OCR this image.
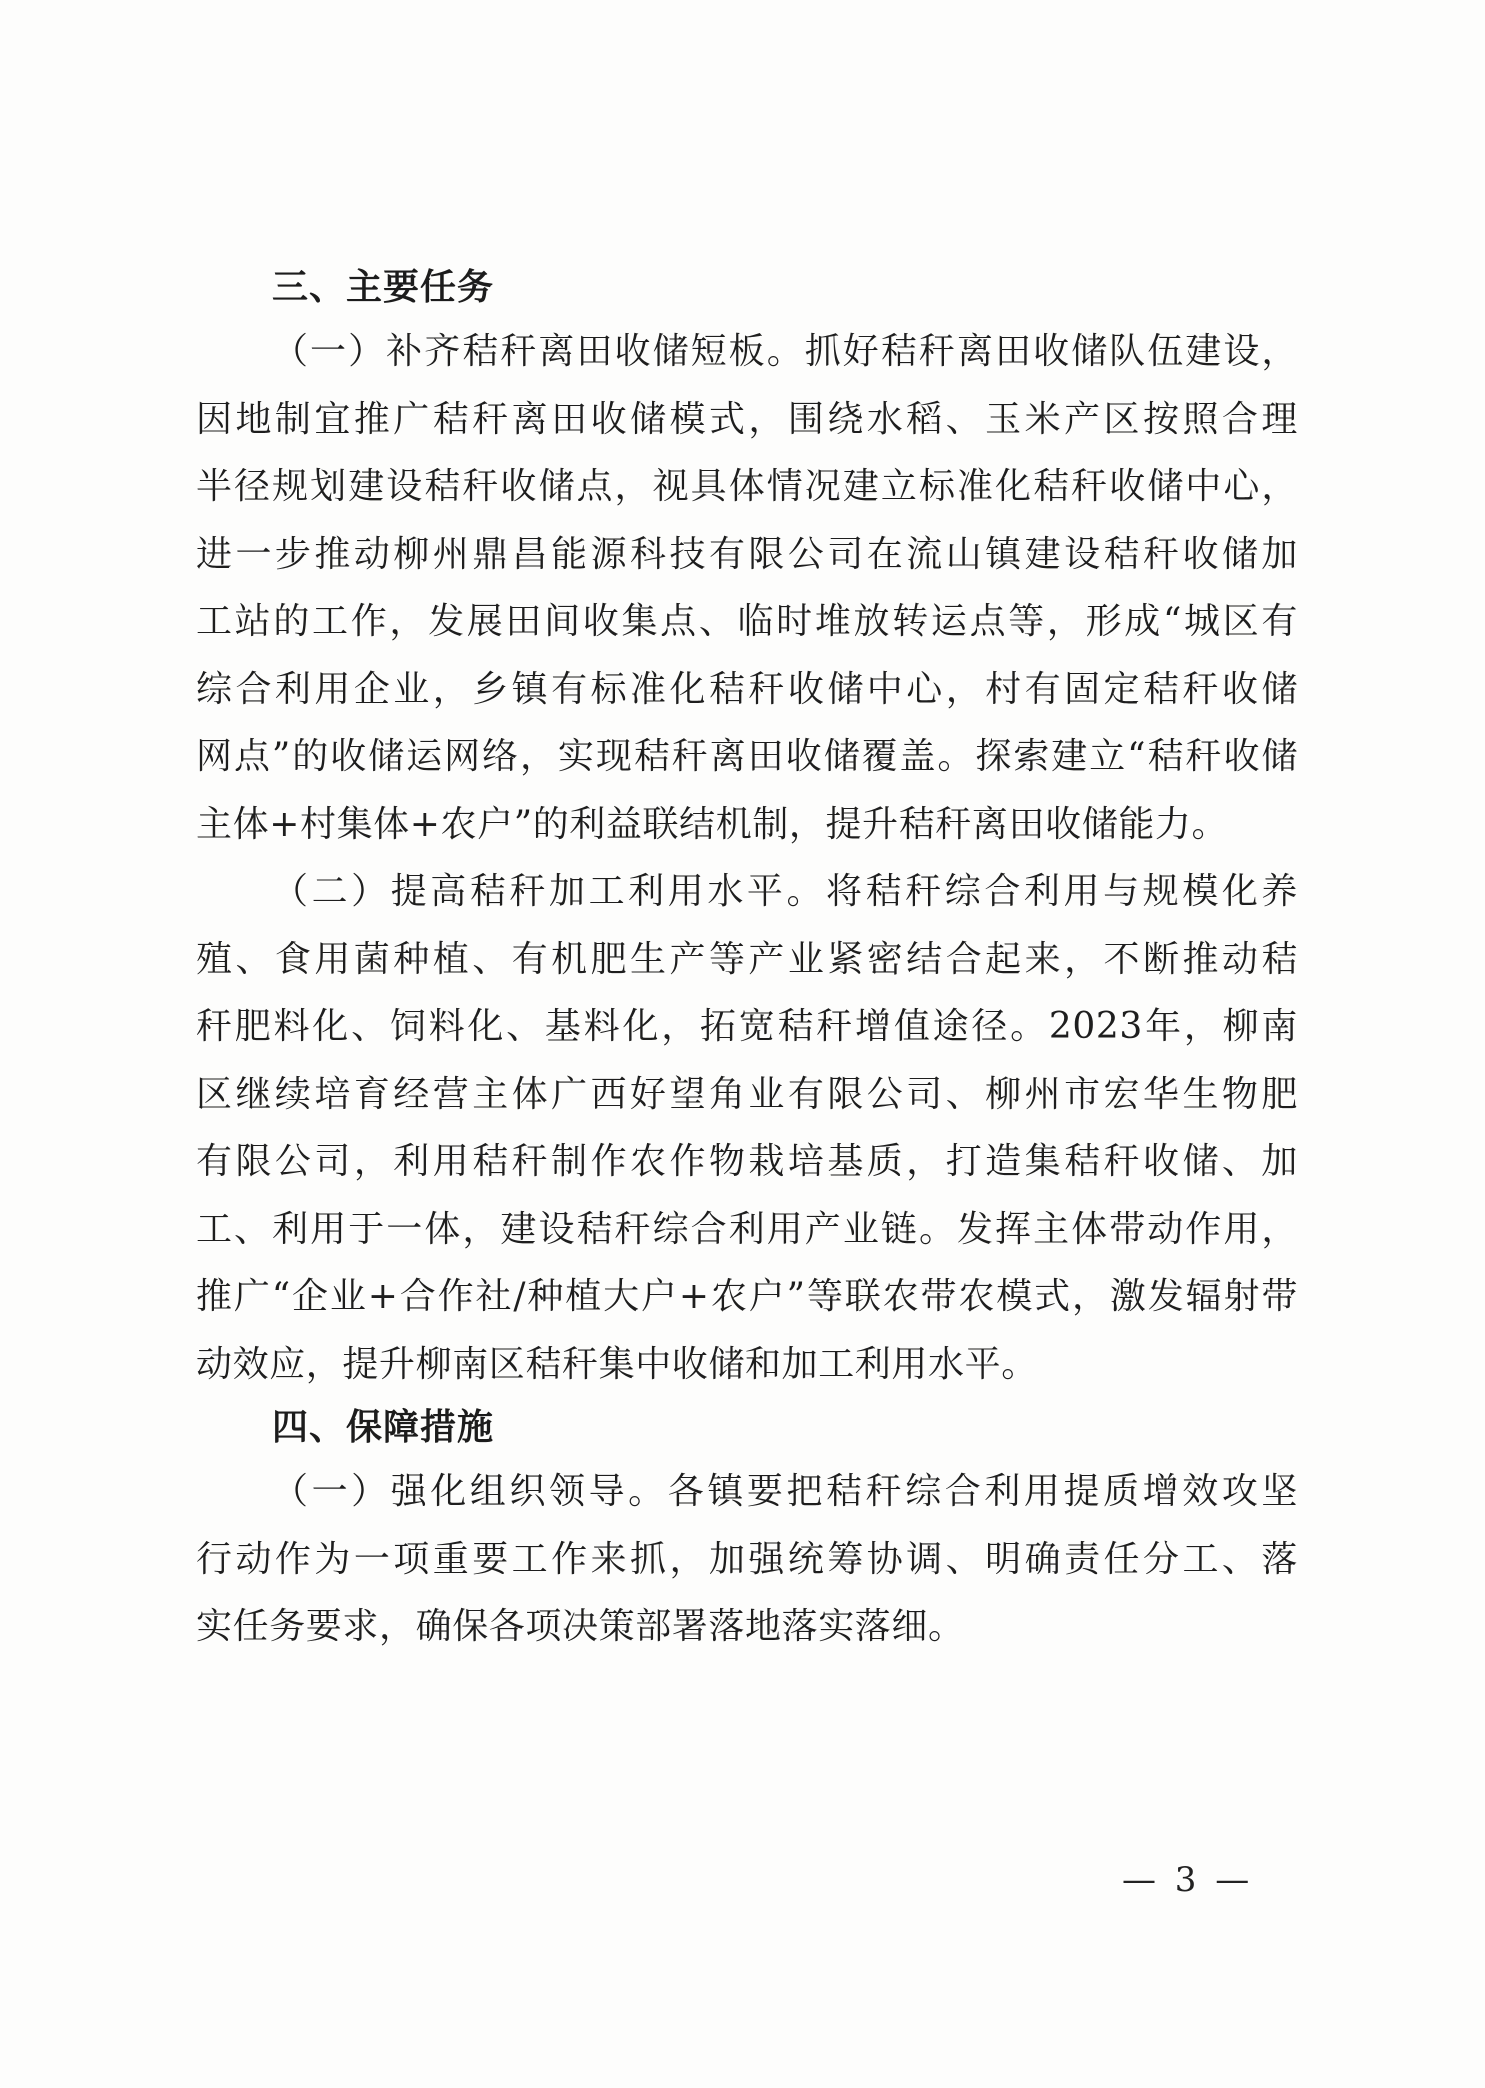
三、主要任务

（一）补齐秸秆离田收储短板。抓好秸秆离田收储队伍建设，

因地制宜推广秸秆离田收储模式，围绕水稻、玉米产区按照合理

半径规划建设秸秆收储点，视具体情况建立标准化秸秆收储中心，

进一步推动柳州鼎昌能源科技有限公司在流山镇建设秸秆收储加

工站的工作，发展田间收集点、临时堆放转运点等，形成“城区有

综合利用企业，乡镇有标准化秸秆收储中心，村有固定秸秆收储

网点”的收储运网络，实现秸秆离田收储覆盖。探索建立“秸秆收储

主体+村集体+农户”的利益联结机制，提升秸秆离田收储能力。

（二）提高秸秆加工利用水平。将秸秆综合利用与规模化养

殖、食用菌种植、有机肥生产等产业紧密结合起来，不断推动秸

秆肥料化、饲料化、基料化，拓宽秸秆增值途径。2023年，柳南

区继续培育经营主体广西好望角业有限公司、柳州市宏华生物肥

有限公司，利用秸秆制作农作物栽培基质，打造集秸秆收储、加

工、利用于一体，建设秸秆综合利用产业链。发挥主体带动作用，

推广“企业+合作社/种植大户+农户”等联农带农模式，激发辐射带

动效应，提升柳南区秸秆集中收储和加工利用水平。

四、保障措施

（一）强化组织领导。各镇要把秸秆综合利用提质增效攻坚

行动作为一项重要工作来抓，加强统筹协调、明确责任分工、落

实任务要求，确保各项决策部署落地落实落细。

— 3 —
